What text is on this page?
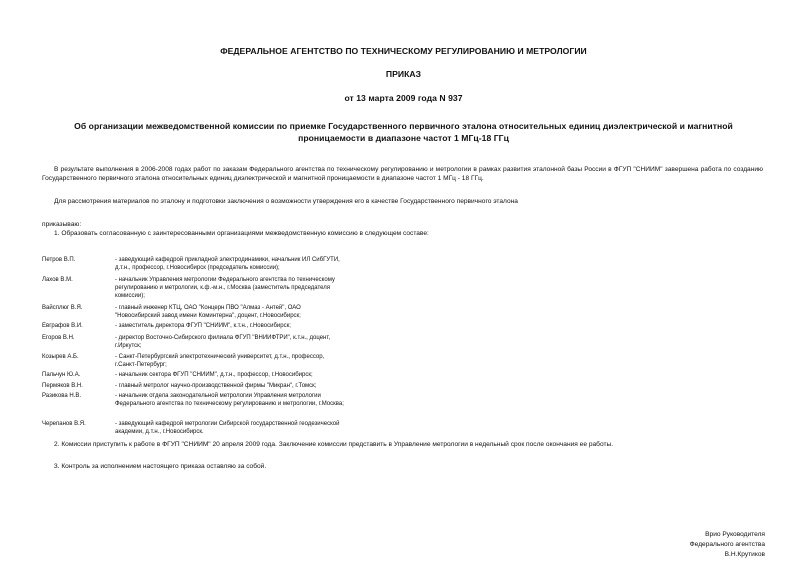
ФЕДЕРАЛЬНОЕ АГЕНТСТВО ПО ТЕХНИЧЕСКОМУ РЕГУЛИРОВАНИЮ И МЕТРОЛОГИИ
ПРИКАЗ
от 13 марта 2009 года N 937
Об организации межведомственной комиссии по приемке Государственного первичного эталона относительных единиц диэлектрической и магнитной проницаемости в диапазоне частот 1 МГц-18 ГГц
В результате выполнения в 2006-2008 годах работ по заказам Федерального агентства по техническому регулированию и метрологии в рамках развития эталонной базы России в ФГУП "СНИИМ" завершена работа по созданию Государственного первичного эталона относительных единиц диэлектрической и магнитной проницаемости в диапазоне частот 1 МГц - 18 ГГц.
Для рассмотрения материалов по эталону и подготовки заключения о возможности утверждения его в качестве Государственного первичного эталона
приказываю:
1. Образовать согласованную с заинтересованными организациями межведомственную комиссию в следующем составе:
Петров В.П.	- заведующий кафедрой прикладной электродинамики, начальник ИЛ СибГУТИ, д.т.н., профессор, г.Новосибирск (председатель комиссии);
Лахов В.М.	- начальник Управления метрологии Федерального агентства по техническому регулированию и метрологии, к.ф.-м.н., г.Москва (заместитель председателя комиссии);
Вайсплюг В.Я.	- главный инженер КТЦ, ОАО "Концерн ПВО "Алмаз - Антей", ОАО "Новосибирский завод имени Коминтерна", доцент, г.Новосибирск;
Евграфов В.И.	- заместитель директора ФГУП "СНИИМ", к.т.н., г.Новосибирск;
Егоров В.Н.	- директор Восточно-Сибирского филиала ФГУП "ВНИИФТРИ", к.т.н., доцент, г.Иркутск;
Козырев А.Б.	- Санкт-Петербургский электротехнический университет, д.т.н., профессор, г.Санкт-Петербург;
Пальчун Ю.А.	- начальник сектора ФГУП "СНИИМ", д.т.н., профессор, г.Новосибирск;
Пермяков В.Н.	- главный метролог научно-производственной фирмы "Микран", г.Томск;
Разикова Н.В.	- начальник отдела законодательной метрологии Управления метрологии Федерального агентства по техническому регулированию и метрологии, г.Москва;
Черепанов В.Я.	- заведующий кафедрой метрологии Сибирской государственной геодезической академии, д.т.н., г.Новосибирск.
2. Комиссии приступить к работе в ФГУП "СНИИМ" 20 апреля 2009 года. Заключение комиссии представить в Управление метрологии в недельный срок после окончания ее работы.
3. Контроль за исполнением настоящего приказа оставляю за собой.
Врио Руководителя
Федерального агентства
В.Н.Крутиков
